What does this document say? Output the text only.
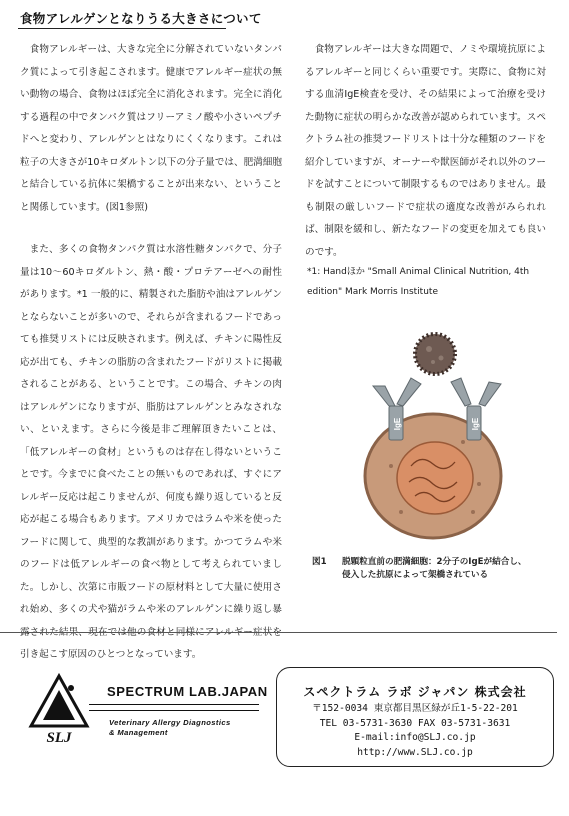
食物アレルゲンとなりうる大きさについて

食物アレルギーは、大きな完全に分解されていないタンパク質によって引き起こされます。健康でアレルギー症状の無い動物の場合、食物はほぼ完全に消化されます。完全に消化する過程の中でタンパク質はフリーアミノ酸や小さいペプチドへと変わり、アレルゲンとはなりにくくなります。これは粒子の大きさが10キロダルトン以下の分子量では、肥満細胞と結合している抗体に架橋することが出来ない、ということと関係しています。(図1参照)

また、多くの食物タンパク質は水溶性糖タンパクで、分子量は10〜60キロダルトン、熱・酸・プロテアーゼへの耐性があります。*1 一般的に、精製された脂肪や油はアレルゲンとならないことが多いので、それらが含まれるフードであっても推奨リストには反映されます。例えば、チキンに陽性反応が出ても、チキンの脂肪の含まれたフードがリストに掲載されることがある、ということです。この場合、チキンの肉はアレルゲンになりますが、脂肪はアレルゲンとみなされない、といえます。さらに今後是非ご理解頂きたいことは、「低アレルギーの食材」というものは存在し得ないということです。今までに食べたことの無いものであれば、すぐにアレルギー反応は起こりませんが、何度も繰り返していると反応が起こる場合もあります。アメリカではラムや米を使ったフードに関して、典型的な教訓があります。かつてラムや米のフードは低アレルギーの食べ物として考えられていました。しかし、次第に市販フードの原材料として大量に使用され始め、多くの犬や猫がラムや米のアレルゲンに繰り返し暴露された結果、現在では他の食材と同様にアレルギー症状を引き起こす原因のひとつとなっています。

食物アレルギーは大きな問題で、ノミや環境抗原によるアレルギーと同じくらい重要です。実際に、食物に対する血清IgE検査を受け、その結果によって治療を受けた動物に症状の明らかな改善が認められています。スペクトラム社の推奨フードリストは十分な種類のフードを紹介していますが、オーナーや獣医師がそれ以外のフードを試すことについて制限するものではありません。最も制限の厳しいフードで症状の適度な改善がみられれば、制限を緩和し、新たなフードの変更を加えても良いのです。

*1: Handほか "Small Animal Clinical Nutrition, 4th
edition" Mark Morris Institute
IgE	IgE
図1 脱顆粒直前の肥満細胞：2分子のIgEが結合し、
侵入した抗原によって架橋されている
SLJ
SPECTRUM LAB.JAPAN
Veterinary Allergy Diagnostics
& Management
スペクトラム ラボ ジャパン 株式会社
〒152-0034 東京都目黒区緑が丘1-5-22-201
TEL 03-5731-3630 FAX 03-5731-3631
E-mail:info@SLJ.co.jp
http://www.SLJ.co.jp
